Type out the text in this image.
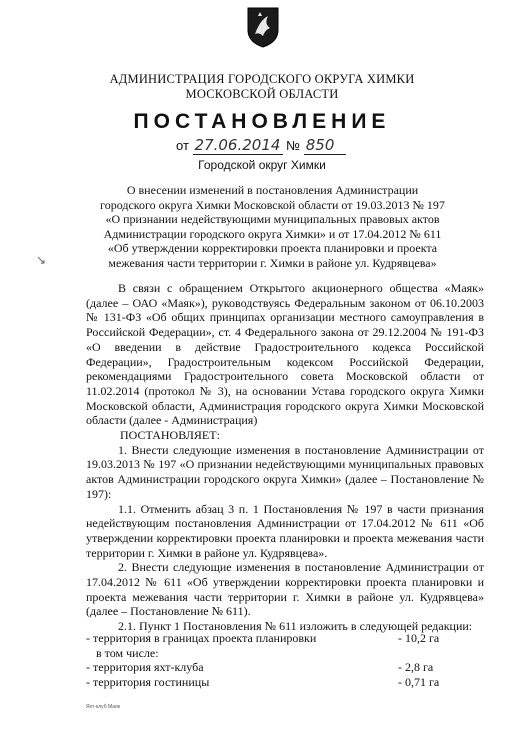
↘
АДМИНИСТРАЦИЯ ГОРОДСКОГО ОКРУГА ХИМКИ
МОСКОВСКОЙ ОБЛАСТИ
ПОСТАНОВЛЕНИЕ
от 27.06.2014 № 850
Городской округ Химки
О внесении изменений в постановления Администрации городского округа Химки Московской области от 19.03.2013 № 197 «О признании недействующими муниципальных правовых актов Администрации городского округа Химки» и от 17.04.2012 № 611 «Об утверждении корректировки проекта планировки и проекта межевания части территории г. Химки в районе ул. Кудрявцева»

В связи с обращением Открытого акционерного общества «Маяк» (далее – ОАО «Маяк»), руководствуясь Федеральным законом от 06.10.2003 № 131-ФЗ «Об общих принципах организации местного самоуправления в Российской Федерации», ст. 4 Федерального закона от 29.12.2004 № 191-ФЗ «О введении в действие Градостроительного кодекса Российской Федерации», Градостроительным кодексом Российской Федерации, рекомендациями Градостроительного совета Московской области от 11.02.2014 (протокол № 3), на основании Устава городского округа Химки Московской области, Администрация городского округа Химки Московской области (далее - Администрация)

ПОСТАНОВЛЯЕТ:

1. Внести следующие изменения в постановление Администрации от 19.03.2013 № 197 «О признании недействующими муниципальных правовых актов Администрации городского округа Химки» (далее – Постановление № 197):

1.1. Отменить абзац 3 п. 1 Постановления № 197 в части признания недействующим постановления Администрации от 17.04.2012 № 611 «Об утверждении корректировки проекта планировки и проекта межевания части территории г. Химки в районе ул. Кудрявцева».

2. Внести следующие изменения в постановление Администрации от 17.04.2012 № 611 «Об утверждении корректировки проекта планировки и проекта межевания части территории г. Химки в районе ул. Кудрявцева» (далее – Постановление № 611).

2.1. Пункт 1 Постановления № 611 изложить в следующей редакции:

- территория в границах проекта планировки	- 10,2 га
в том числе:
- территория яхт-клуба	- 2,8 га
- территория гостиницы	- 0,71 га
Яхт-клуб Маяк
